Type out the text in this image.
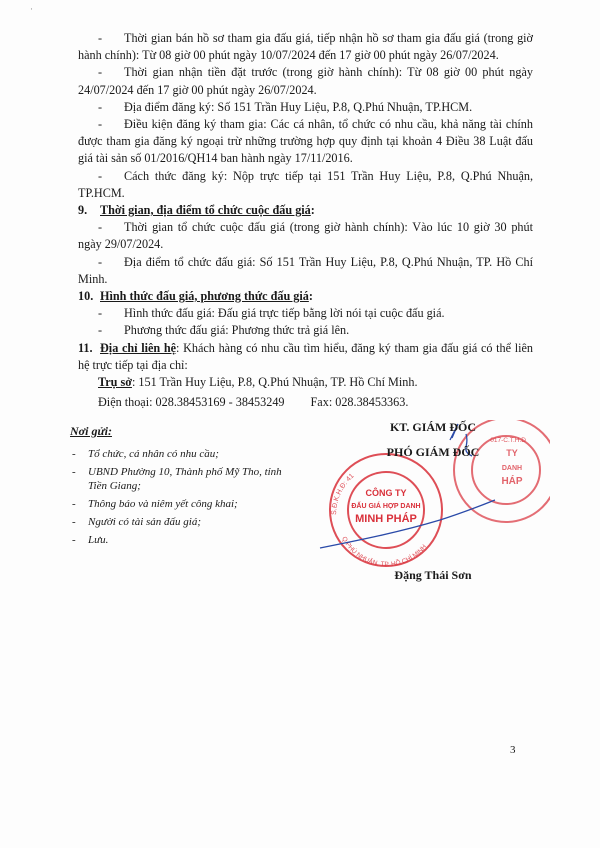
·

- Thời gian bán hồ sơ tham gia đấu giá, tiếp nhận hồ sơ tham gia đấu giá (trong giờ hành chính): Từ 08 giờ 00 phút ngày 10/07/2024 đến 17 giờ 00 phút ngày 26/07/2024.

- Thời gian nhận tiền đặt trước (trong giờ hành chính): Từ 08 giờ 00 phút ngày 24/07/2024 đến 17 giờ 00 phút ngày 26/07/2024.

- Địa điểm đăng ký: Số 151 Trần Huy Liệu, P.8, Q.Phú Nhuận, TP.HCM.

- Điều kiện đăng ký tham gia: Các cá nhân, tổ chức có nhu cầu, khả năng tài chính được tham gia đăng ký ngoại trừ những trường hợp quy định tại khoản 4 Điều 38 Luật đấu giá tài sản số 01/2016/QH14 ban hành ngày 17/11/2016.

- Cách thức đăng ký: Nộp trực tiếp tại 151 Trần Huy Liệu, P.8, Q.Phú Nhuận, TP.HCM.

9. Thời gian, địa điểm tổ chức cuộc đấu giá:

- Thời gian tổ chức cuộc đấu giá (trong giờ hành chính): Vào lúc 10 giờ 30 phút ngày 29/07/2024.

- Địa điểm tổ chức đấu giá: Số 151 Trần Huy Liệu, P.8, Q.Phú Nhuận, TP. Hồ Chí Minh.

10. Hình thức đấu giá, phương thức đấu giá:

- Hình thức đấu giá: Đấu giá trực tiếp bằng lời nói tại cuộc đấu giá.

- Phương thức đấu giá: Phương thức trả giá lên.

11. Địa chỉ liên hệ: Khách hàng có nhu cầu tìm hiểu, đăng ký tham gia đấu giá có thể liên hệ trực tiếp tại địa chỉ:

Trụ sở: 151 Trần Huy Liệu, P.8, Q.Phú Nhuận, TP. Hồ Chí Minh.

Điện thoại: 028.38453169 - 38453249 Fax: 028.38453363.

Nơi gửi:
- Tổ chức, cá nhân có nhu cầu;
- UBND Phường 10, Thành phố Mỹ Tho, tỉnh Tiền Giang;
- Thông báo và niêm yết công khai;
- Người có tài sản đấu giá;
- Lưu.
S.Đ.K.H.Đ: 41
Q.PHÚ NHUẬN, TP. HỒ CHÍ MINH
CÔNG TY
ĐẤU GIÁ HỢP DANH
MINH PHÁP
017-C.T.H.D
TY
DANH
HÁP

KT. GIÁM ĐỐC

PHÓ GIÁM ĐỐC

Đặng Thái Sơn

3
